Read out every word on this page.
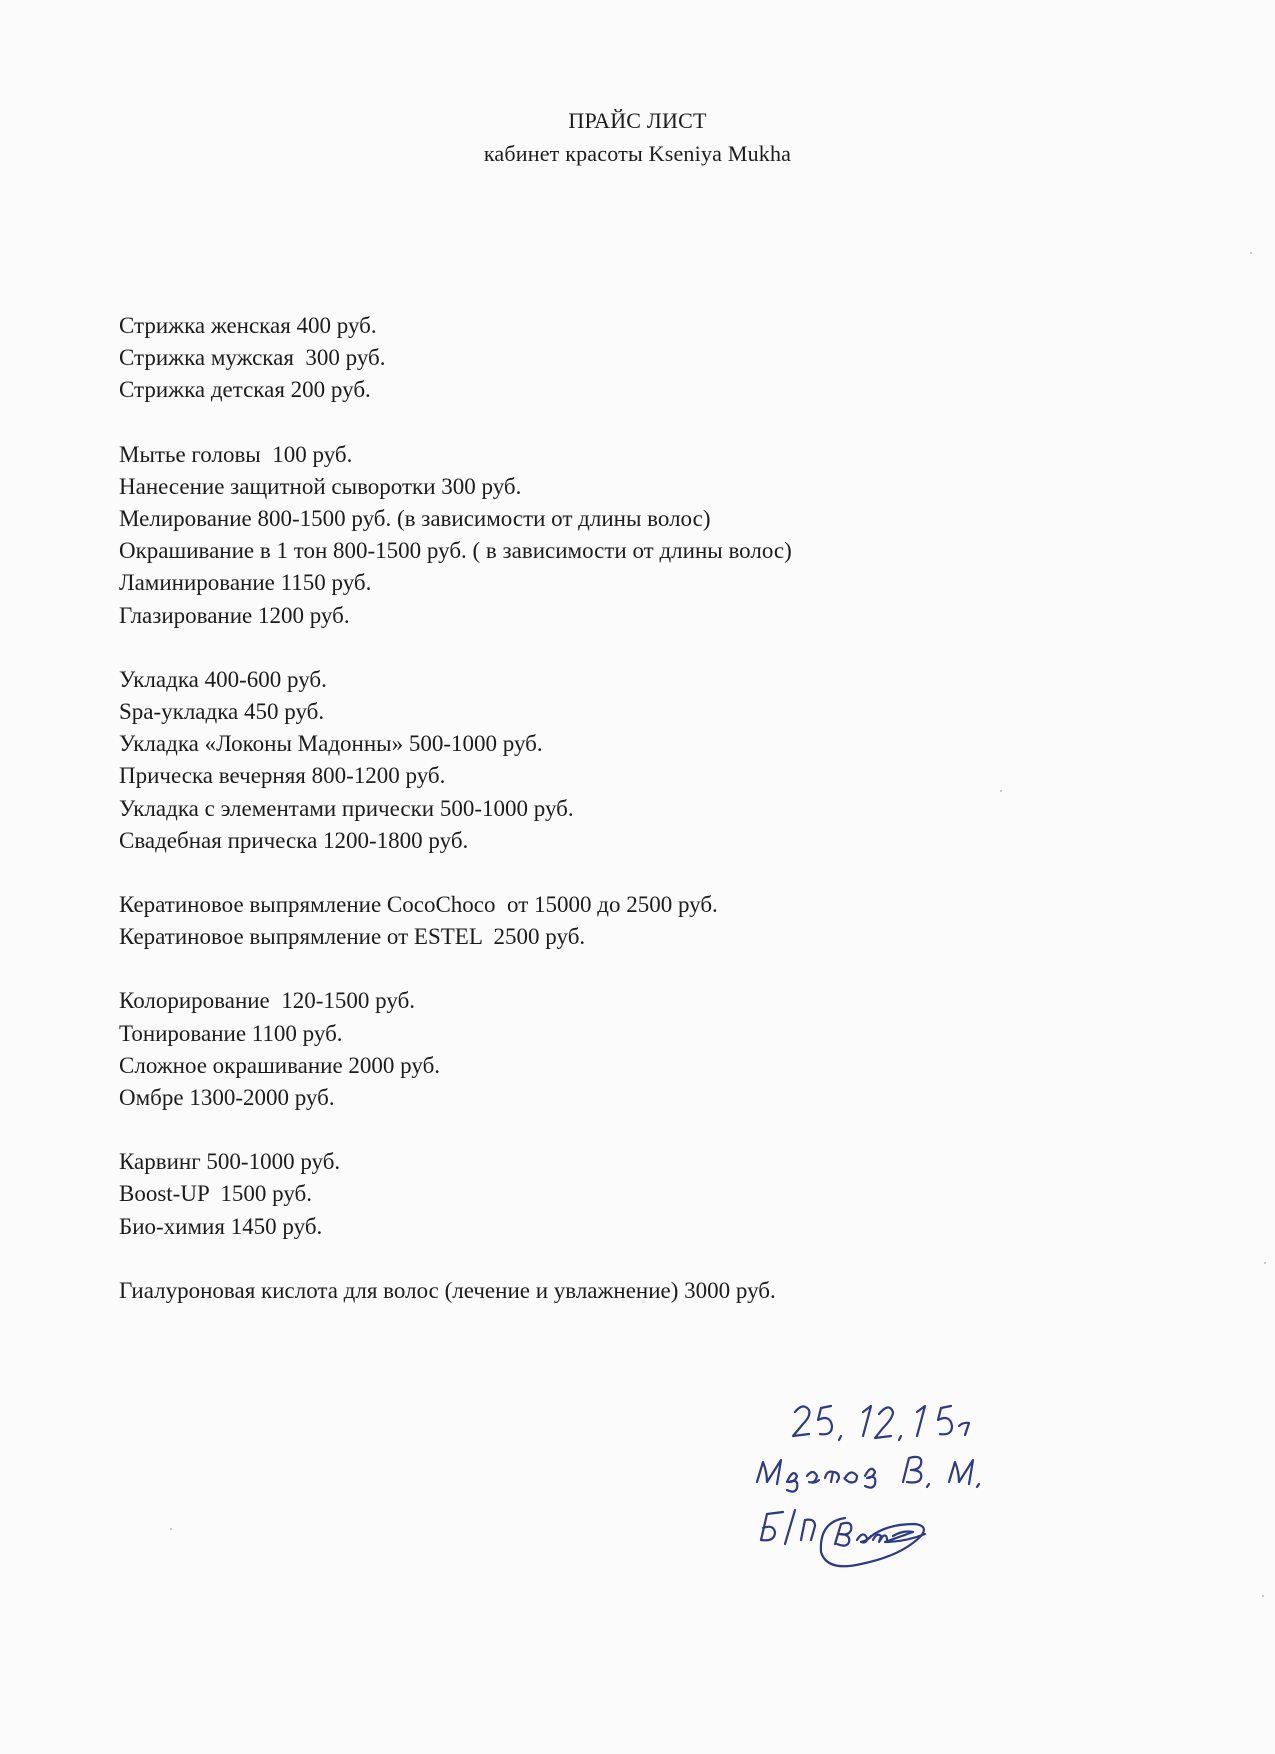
ПРАЙС ЛИСТ
кабинет красоты Kseniya Mukha
Стрижка женская 400 руб.
Стрижка мужская  300 руб.
Стрижка детская 200 руб.
Мытье головы  100 руб.
Нанесение защитной сыворотки 300 руб.
Мелирование 800-1500 руб. (в зависимости от длины волос)
Окрашивание в 1 тон 800-1500 руб. ( в зависимости от длины волос)
Ламинирование 1150 руб.
Глазирование 1200 руб.
Укладка 400-600 руб.
Spa-укладка 450 руб.
Укладка «Локоны Мадонны» 500-1000 руб.
Прическа вечерняя 800-1200 руб.
Укладка с элементами прически 500-1000 руб.
Свадебная прическа 1200-1800 руб.
Кератиновое выпрямление CocoChoco  от 15000 до 2500 руб.
Кератиновое выпрямление от ESTEL  2500 руб.
Колорирование  120-1500 руб.
Тонирование 1100 руб.
Сложное окрашивание 2000 руб.
Омбре 1300-2000 руб.
Карвинг 500-1000 руб.
Boost-UP  1500 руб.
Био-химия 1450 руб.
Гиалуроновая кислота для волос (лечение и увлажнение) 3000 руб.
